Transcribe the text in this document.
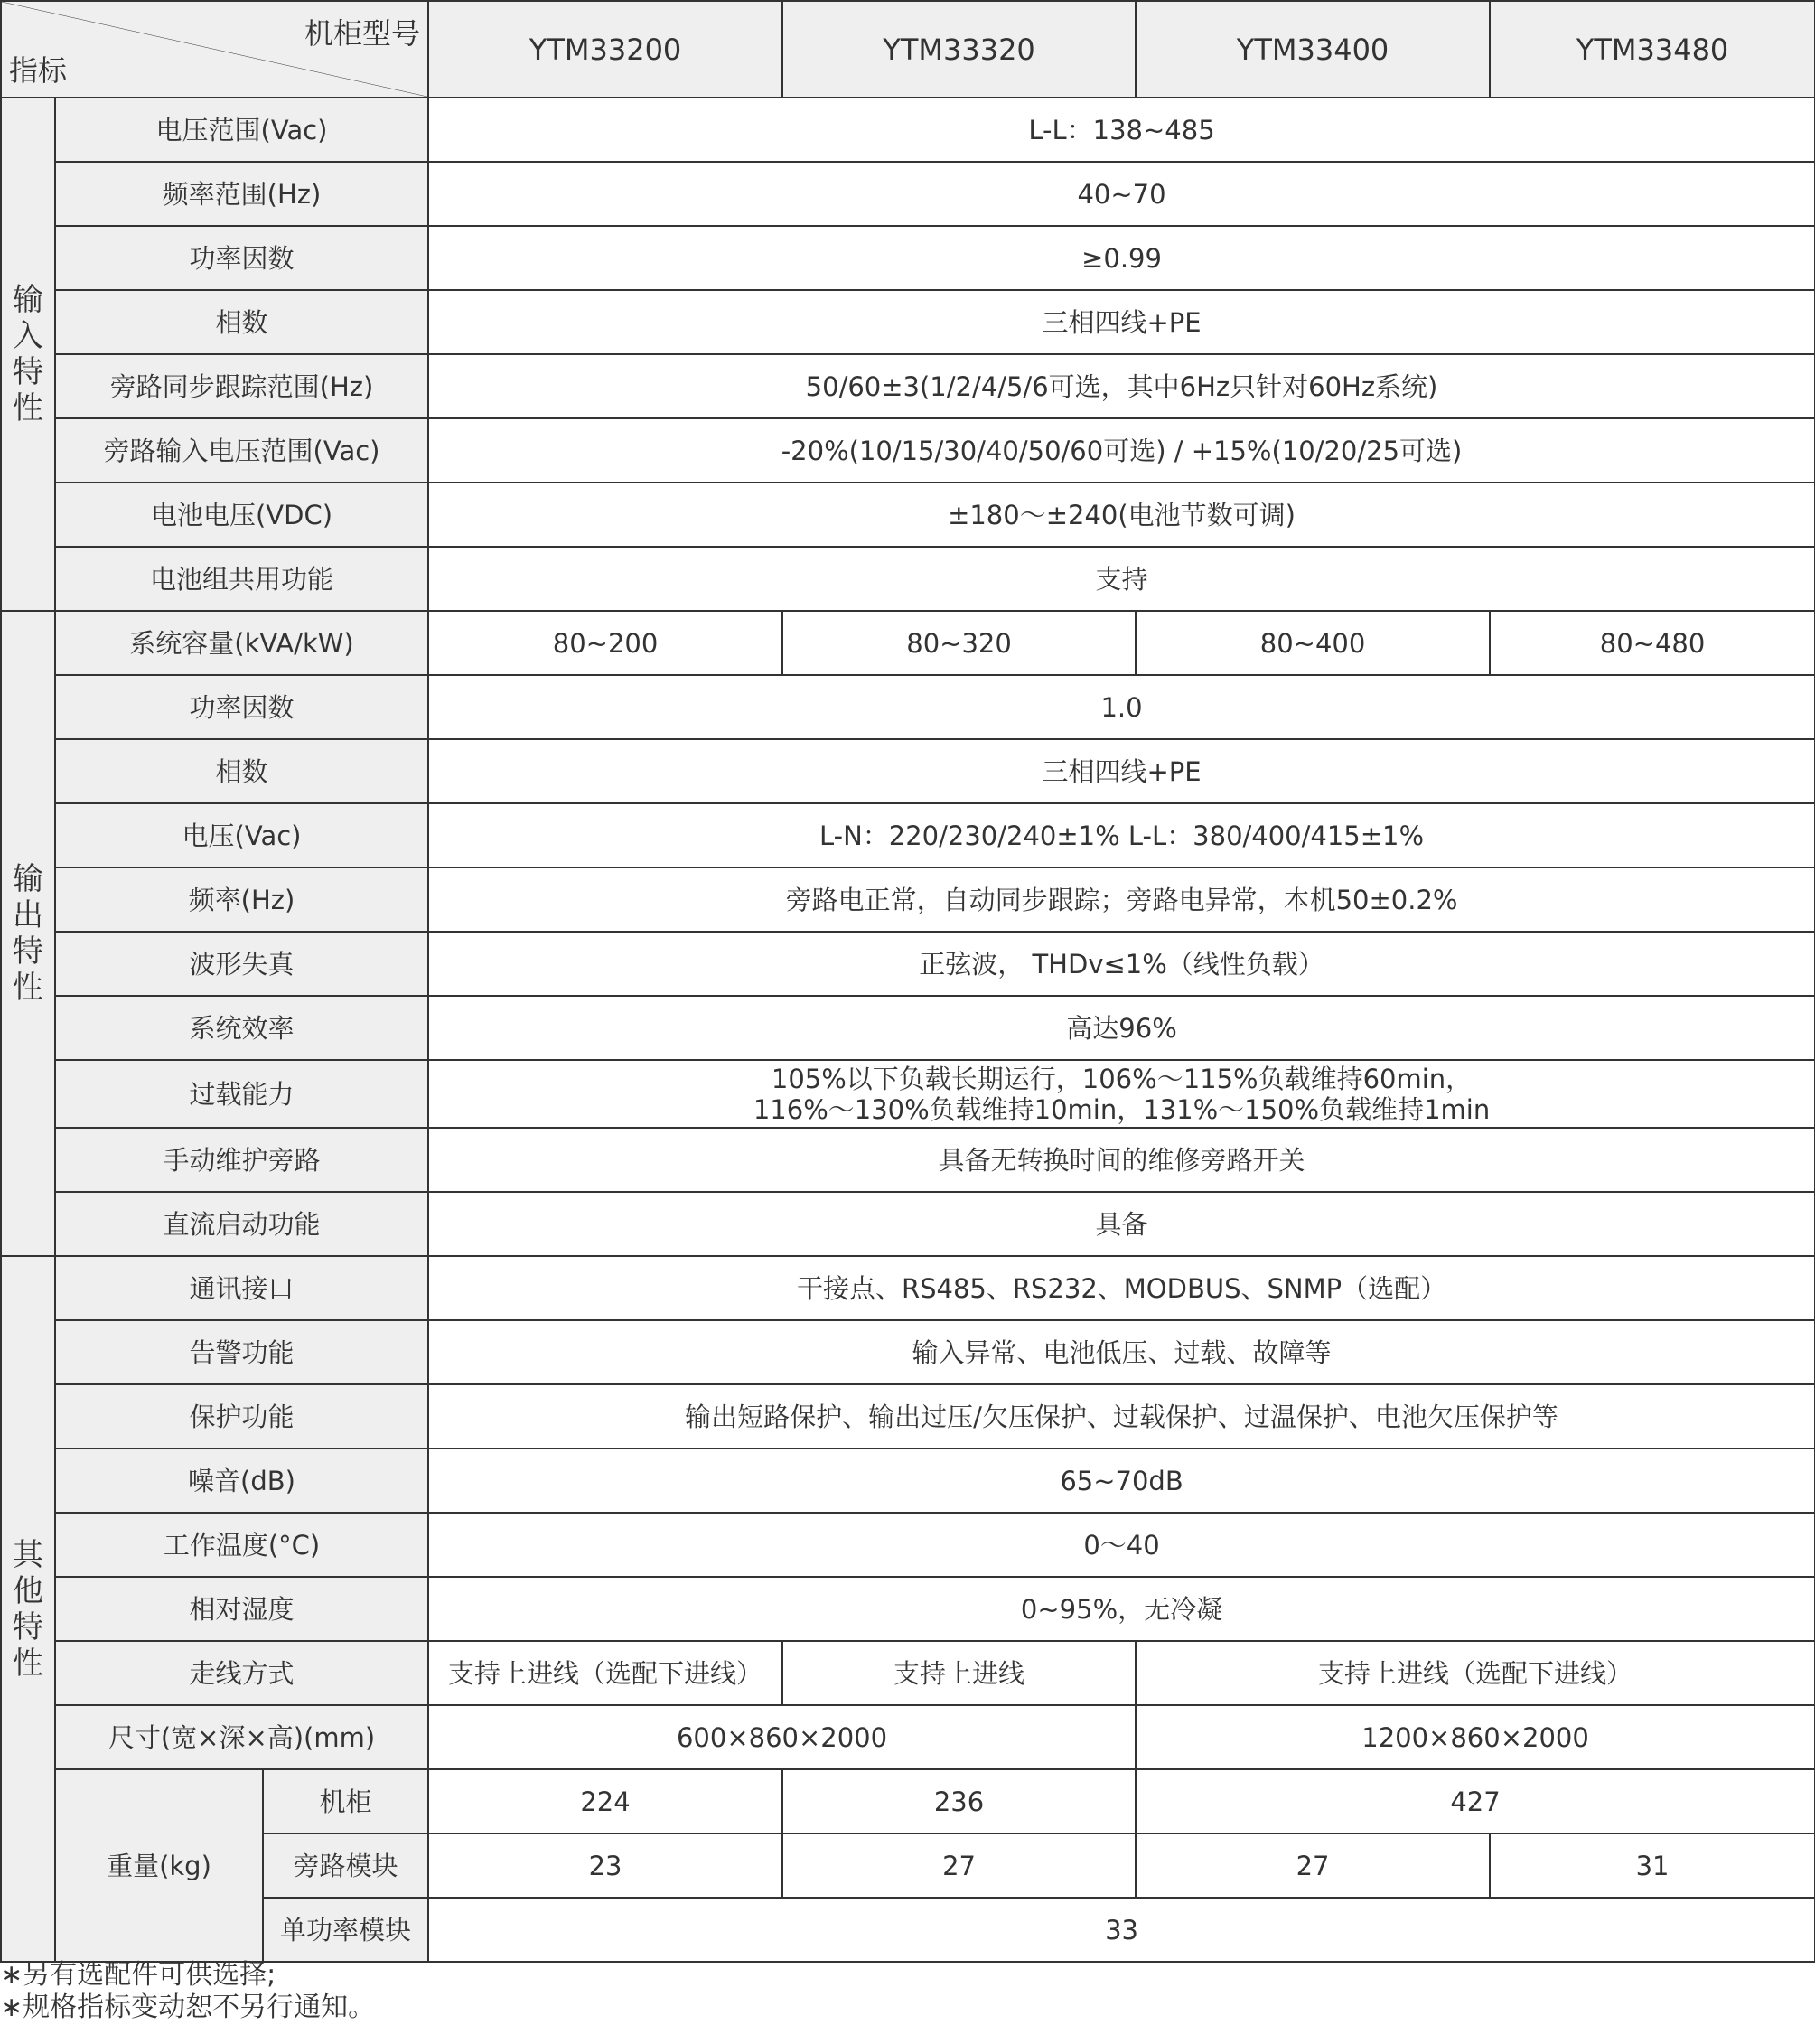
机柜型号
指标			YTM33200	YTM33320	YTM33400	YTM33480
输入特性	电压范围(Vac)		L-L：138~485			
	频率范围(Hz)		40~70			
	功率因数		≥0.99			
	相数		三相四线+PE			
	旁路同步跟踪范围(Hz)		50/60±3(1/2/4/5/6可选，其中6Hz只针对60Hz系统)			
	旁路输入电压范围(Vac)		-20%(10/15/30/40/50/60可选) / +15%(10/20/25可选)			
	电池电压(VDC)		±180～±240(电池节数可调)			
	电池组共用功能		支持			
输出特性	系统容量(kVA/kW)		80~200	80~320	80~400	80~480
	功率因数		1.0			
	相数		三相四线+PE			
	电压(Vac)		L-N：220/230/240±1% L-L：380/400/415±1%			
	频率(Hz)		旁路电正常，自动同步跟踪；旁路电异常，本机50±0.2%			
	波形失真		正弦波， THDv≤1%（线性负载）			
	系统效率		高达96%			
	过载能力		105%以下负载长期运行，106%～115%负载维持60min，
116%～130%负载维持10min，131%～150%负载维持1min			

	手动维护旁路		具备无转换时间的维修旁路开关			
	直流启动功能		具备			
其他特性	通讯接口		干接点、RS485、RS232、MODBUS、SNMP（选配）			
	告警功能		输入异常、电池低压、过载、故障等			
	保护功能		输出短路保护、输出过压/欠压保护、过载保护、过温保护、电池欠压保护等			
	噪音(dB)		65~70dB			
	工作温度(°C)		0～40			
	相对湿度		0~95%，无冷凝			
	走线方式		支持上进线（选配下进线）	支持上进线	支持上进线（选配下进线）	
	尺寸(宽×深×高)(mm)		600×860×2000		1200×860×2000	
	重量(kg)	机柜	224	236	427	
		旁路模块	23	27	27	31
		单功率模块	33			
∗另有选配件可供选择;
∗规格指标变动恕不另行通知。
